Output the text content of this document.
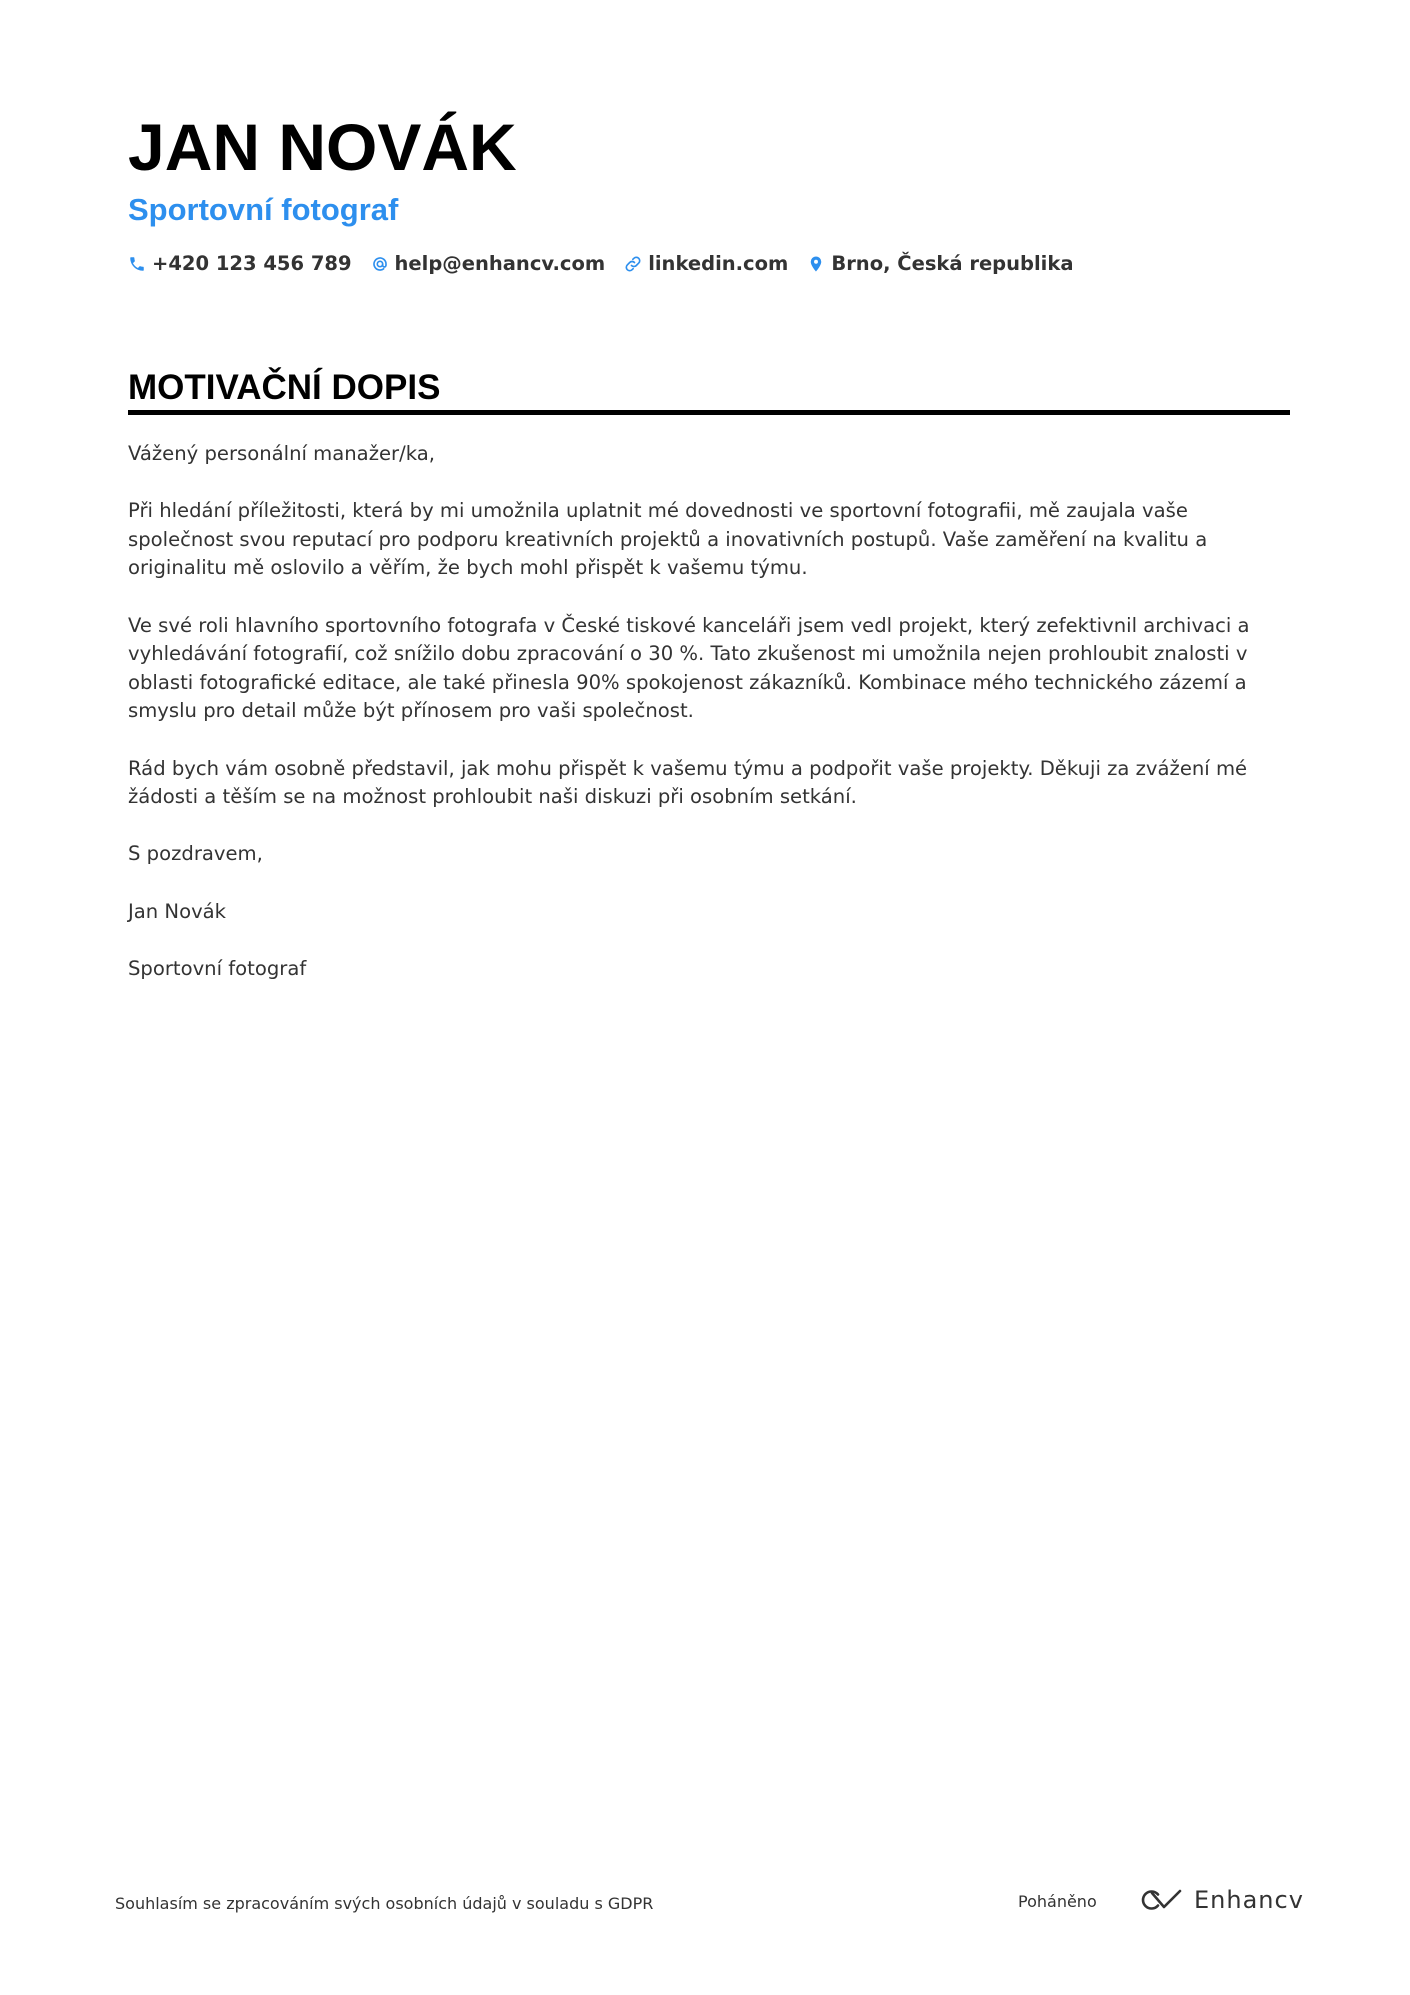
JAN NOVÁK
Sportovní fotograf
+420 123 456 789 help@enhancv.com linkedin.com Brno, Česká republika
MOTIVAČNÍ DOPIS

Vážený personální manažer/ka,

Při hledání příležitosti, která by mi umožnila uplatnit mé dovednosti ve sportovní fotografii, mě zaujala vaše společnost svou reputací pro podporu kreativních projektů a inovativních postupů. Vaše zaměření na kvalitu a originalitu mě oslovilo a věřím, že bych mohl přispět k vašemu týmu.

Ve své roli hlavního sportovního fotografa v České tiskové kanceláři jsem vedl projekt, který zefektivnil archivaci a vyhledávání fotografií, což snížilo dobu zpracování o 30 %. Tato zkušenost mi umožnila nejen prohloubit znalosti v oblasti fotografické editace, ale také přinesla 90% spokojenost zákazníků. Kombinace mého technického zázemí a smyslu pro detail může být přínosem pro vaši společnost.

Rád bych vám osobně představil, jak mohu přispět k vašemu týmu a podpořit vaše projekty. Děkuji za zvážení mé žádosti a těším se na možnost prohloubit naši diskuzi při osobním setkání.

S pozdravem,

Jan Novák

Sportovní fotograf

Souhlasím se zpracováním svých osobních údajů v souladu s GDPR	Poháněno	Enhancv
